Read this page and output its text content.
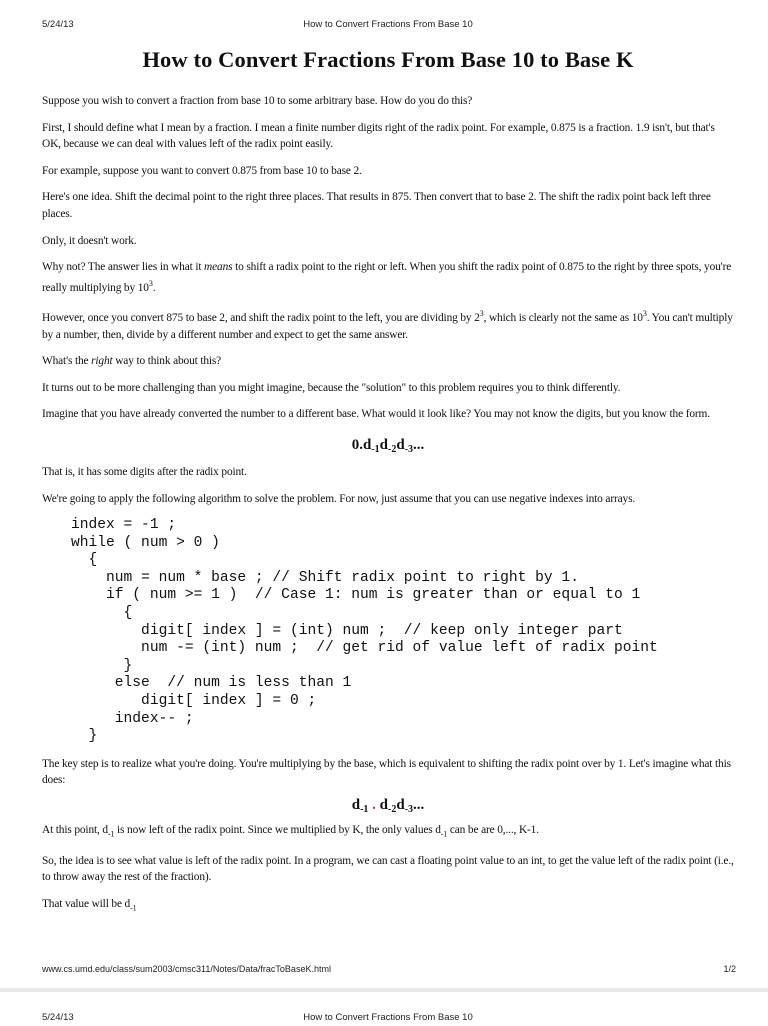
5/24/13	How to Convert Fractions From Base 10
How to Convert Fractions From Base 10 to Base K

Suppose you wish to convert a fraction from base 10 to some arbitrary base. How do you do this?

First, I should define what I mean by a fraction. I mean a finite number digits right of the radix point. For example, 0.875 is a fraction. 1.9 isn't, but that's OK, because we can deal with values left of the radix point easily.

For example, suppose you want to convert 0.875 from base 10 to base 2.

Here's one idea. Shift the decimal point to the right three places. That results in 875. Then convert that to base 2. The shift the radix point back left three places.

Only, it doesn't work.

Why not? The answer lies in what it means to shift a radix point to the right or left. When you shift the radix point of 0.875 to the right by three spots, you're really multiplying by $10^3$.

However, once you convert 875 to base 2, and shift the radix point to the left, you are dividing by $2^3$, which is clearly not the same as $10^3$. You can't multiply by a number, then, divide by a different number and expect to get the same answer.

What's the right way to think about this?

It turns out to be more challenging than you might imagine, because the "solution" to this problem requires you to think differently.

Imagine that you have already converted the number to a different base. What would it look like? You may not know the digits, but you know the form.

$0.d_{-1}d_{-2}d_{-3}$...

That is, it has some digits after the radix point.

We're going to apply the following algorithm to solve the problem. For now, just assume that you can use negative indexes into arrays.

index = -1 ;
while ( num > 0 )
{
num = num * base ; // Shift radix point to right by 1.
if ( num >= 1 )  // Case 1: num is greater than or equal to 1
{
digit[ index ] = (int) num ;  // keep only integer part
num -= (int) num ;  // get rid of value left of radix point
}
else  // num is less than 1
digit[ index ] = 0 ;
index-- ;
}

The key step is to realize what you're doing. You're multiplying by the base, which is equivalent to shifting the radix point over by 1. Let's imagine what this does:

$d_{-1}$ . $d_{-2}d_{-3}$...

At this point, $d_{-1}$ is now left of the radix point. Since we multiplied by K, the only values $d_{-1}$ can be are 0,..., K-1.

So, the idea is to see what value is left of the radix point. In a program, we can cast a floating point value to an int, to get the value left of the radix point (i.e., to throw away the rest of the fraction).

That value will be $d_{-1}$

www.cs.umd.edu/class/sum2003/cmsc311/Notes/Data/fracToBaseK.html	1/2
5/24/13	How to Convert Fractions From Base 10
